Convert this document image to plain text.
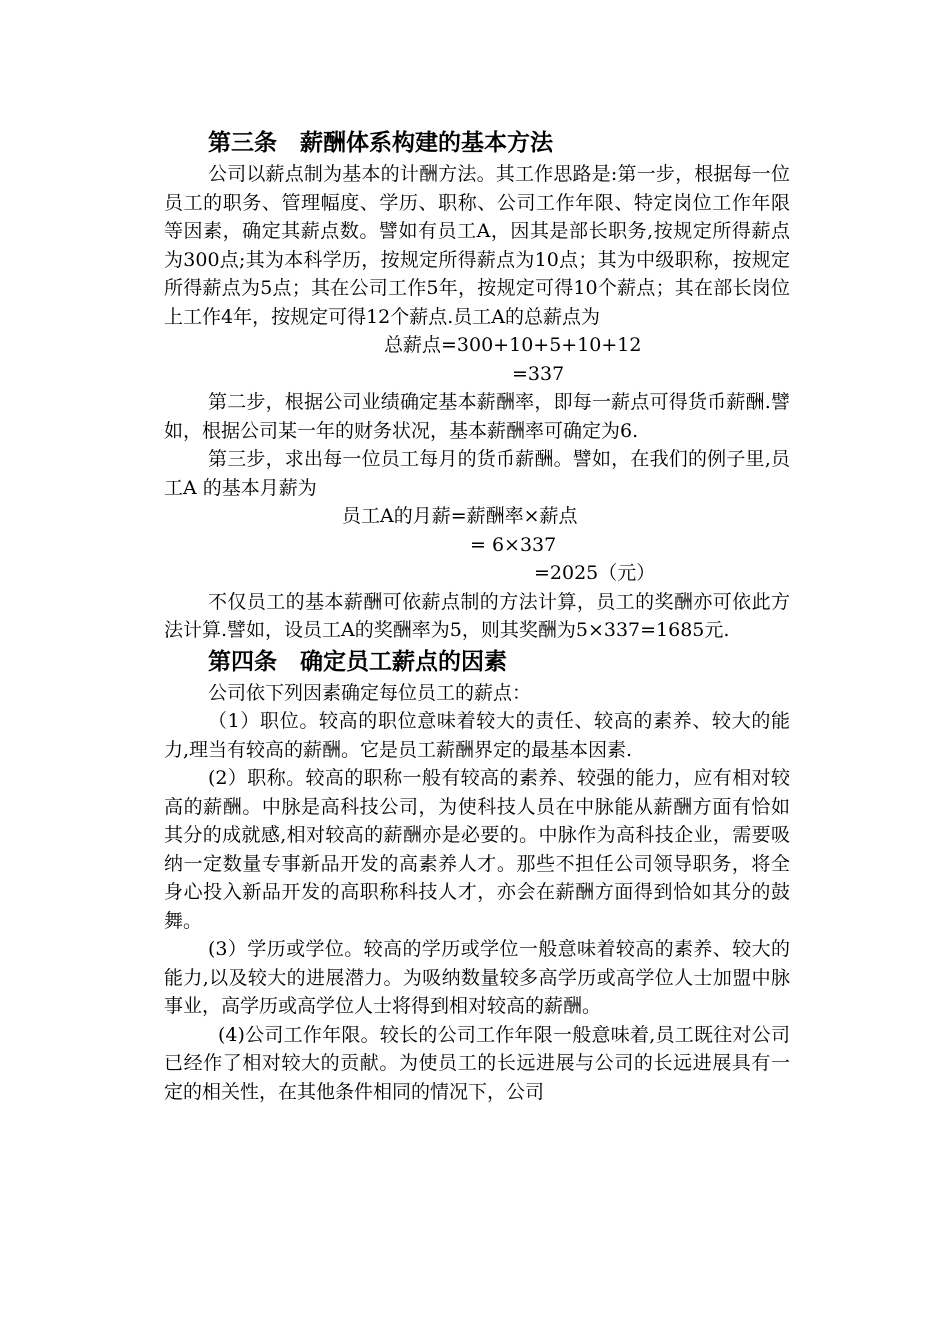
第三条　薪酬体系构建的基本方法

公司以薪点制为基本的计酬方法。其工作思路是:第一步，根据每一位员工的职务、管理幅度、学历、职称、公司工作年限、特定岗位工作年限等因素，确定其薪点数。譬如有员工A，因其是部长职务,按规定所得薪点为300点;其为本科学历，按规定所得薪点为10点；其为中级职称，按规定所得薪点为5点；其在公司工作5年，按规定可得10个薪点；其在部长岗位上工作4年，按规定可得12个薪点.员工A的总薪点为

总薪点=300+10+5+10+12
=337

第二步，根据公司业绩确定基本薪酬率，即每一薪点可得货币薪酬.譬如，根据公司某一年的财务状况，基本薪酬率可确定为6.

第三步，求出每一位员工每月的货币薪酬。譬如，在我们的例子里,员工A 的基本月薪为

员工A的月薪=薪酬率×薪点
= 6×337
=2025（元）

不仅员工的基本薪酬可依薪点制的方法计算，员工的奖酬亦可依此方法计算.譬如，设员工A的奖酬率为5，则其奖酬为5×337=1685元.

第四条　确定员工薪点的因素

公司依下列因素确定每位员工的薪点：

（1）职位。较高的职位意味着较大的责任、较高的素养、较大的能力,理当有较高的薪酬。它是员工薪酬界定的最基本因素.

(2）职称。较高的职称一般有较高的素养、较强的能力，应有相对较高的薪酬。中脉是高科技公司，为使科技人员在中脉能从薪酬方面有恰如其分的成就感,相对较高的薪酬亦是必要的。中脉作为高科技企业，需要吸纳一定数量专事新品开发的高素养人才。那些不担任公司领导职务，将全身心投入新品开发的高职称科技人才，亦会在薪酬方面得到恰如其分的鼓舞。

(3）学历或学位。较高的学历或学位一般意味着较高的素养、较大的能力,以及较大的进展潜力。为吸纳数量较多高学历或高学位人士加盟中脉事业，高学历或高学位人士将得到相对较高的薪酬。

(4)公司工作年限。较长的公司工作年限一般意味着,员工既往对公司已经作了相对较大的贡献。为使员工的长远进展与公司的长远进展具有一定的相关性，在其他条件相同的情况下，公司
